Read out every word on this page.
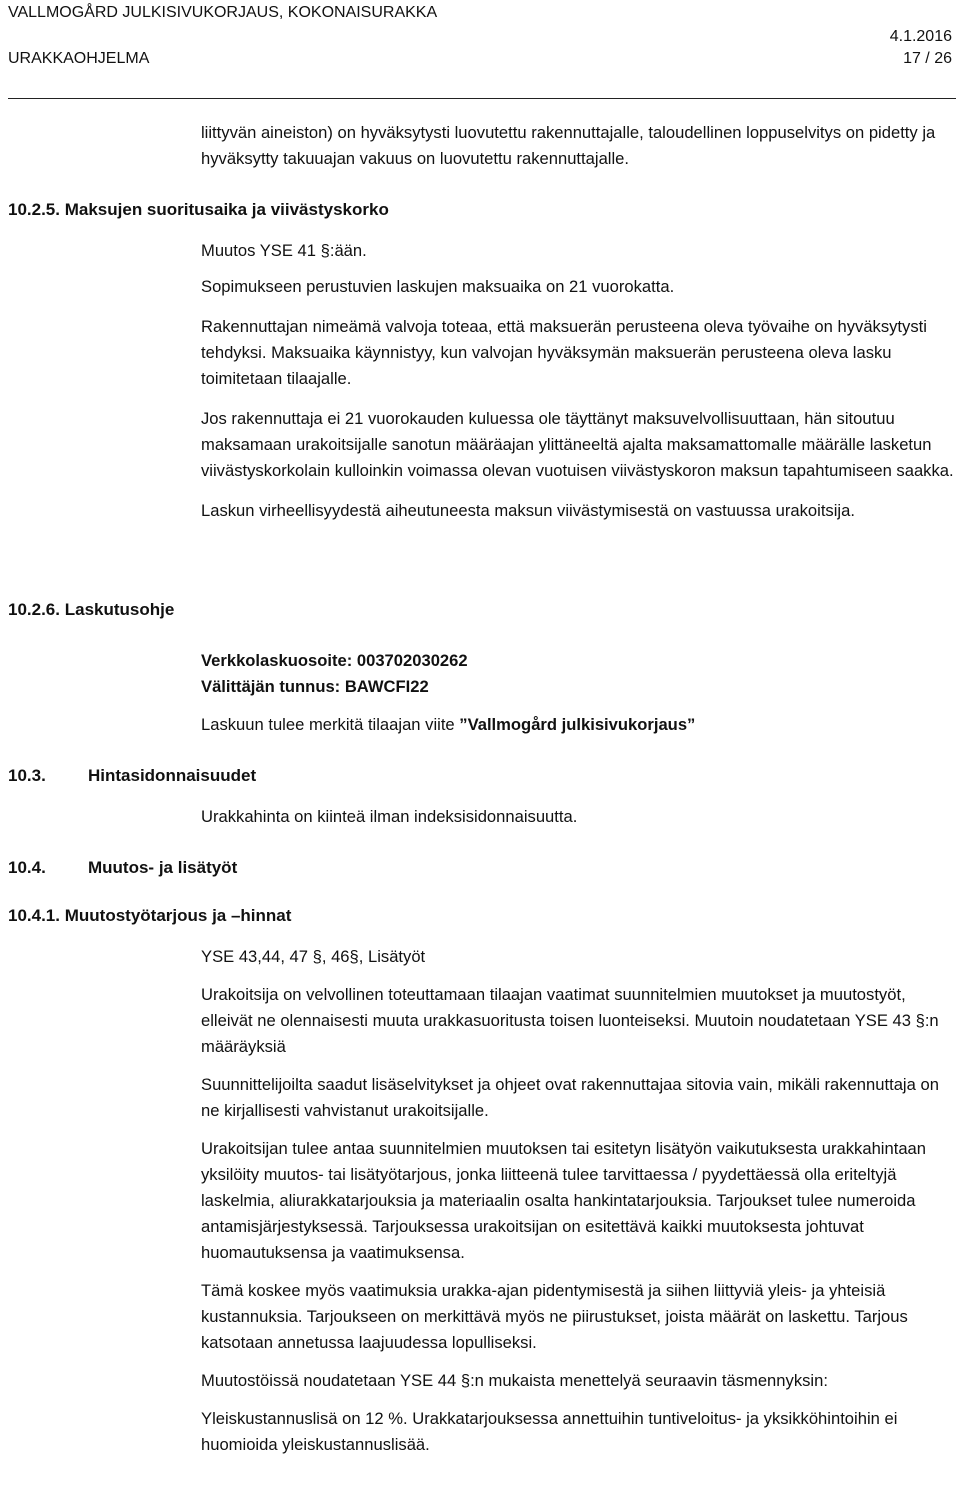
VALLMOGÅRD JULKISIVUKORJAUS, KOKONAISURAKKA
URAKKAOHJELMA
4.1.2016
17 / 26

liittyvän aineiston) on hyväksytysti luovutettu rakennuttajalle, taloudellinen loppuselvitys on pidetty ja hyväksytty takuuajan vakuus on luovutettu rakennuttajalle.

10.2.5. Maksujen suoritusaika ja viivästyskorko

Muutos YSE 41 §:ään.

Sopimukseen perustuvien laskujen maksuaika on 21 vuorokatta.

Rakennuttajan nimeämä valvoja toteaa, että maksuerän perusteena oleva työvaihe on hyväksytysti tehdyksi. Maksuaika käynnistyy, kun valvojan hyväksymän maksuerän perusteena oleva lasku toimitetaan tilaajalle.

Jos rakennuttaja ei 21 vuorokauden kuluessa ole täyttänyt maksuvelvollisuuttaan, hän sitoutuu maksamaan urakoitsijalle sanotun määräajan ylittäneeltä ajalta maksamattomalle määrälle lasketun viivästyskorkolain kulloinkin voimassa olevan vuotuisen viivästyskoron maksun tapahtumiseen saakka.

Laskun virheellisyydestä aiheutuneesta maksun viivästymisestä on vastuussa urakoitsija.

10.2.6. Laskutusohje

Verkkolaskuosoite: 003702030262

Välittäjän tunnus: BAWCFI22

Laskuun tulee merkitä tilaajan viite ”Vallmogård julkisivukorjaus”

10.3. Hintasidonnaisuudet

Urakkahinta on kiinteä ilman indeksisidonnaisuutta.

10.4. Muutos- ja lisätyöt
10.4.1. Muutostyötarjous ja –hinnat

YSE 43,44, 47 §, 46§, Lisätyöt

Urakoitsija on velvollinen toteuttamaan tilaajan vaatimat suunnitelmien muutokset ja muutostyöt, elleivät ne olennaisesti muuta urakkasuoritusta toisen luonteiseksi. Muutoin noudatetaan YSE 43 §:n määräyksiä

Suunnittelijoilta saadut lisäselvitykset ja ohjeet ovat rakennuttajaa sitovia vain, mikäli rakennuttaja on ne kirjallisesti vahvistanut urakoitsijalle.

Urakoitsijan tulee antaa suunnitelmien muutoksen tai esitetyn lisätyön vaikutuksesta urakkahintaan yksilöity muutos- tai lisätyötarjous, jonka liitteenä tulee tarvittaessa / pyydettäessä olla eriteltyjä laskelmia, aliurakkatarjouksia ja materiaalin osalta hankintatarjouksia. Tarjoukset tulee numeroida antamisjärjestyksessä. Tarjouksessa urakoitsijan on esitettävä kaikki muutoksesta johtuvat huomautuksensa ja vaatimuksensa.

Tämä koskee myös vaatimuksia urakka-ajan pidentymisestä ja siihen liittyviä yleis- ja yhteisiä kustannuksia. Tarjoukseen on merkittävä myös ne piirustukset, joista määrät on laskettu. Tarjous katsotaan annetussa laajuudessa lopulliseksi.

Muutostöissä noudatetaan YSE 44 §:n mukaista menettelyä seuraavin täsmennyksin:

Yleiskustannuslisä on 12 %. Urakkatarjouksessa annettuihin tuntiveloitus- ja yksikköhintoihin ei huomioida yleiskustannuslisää.
